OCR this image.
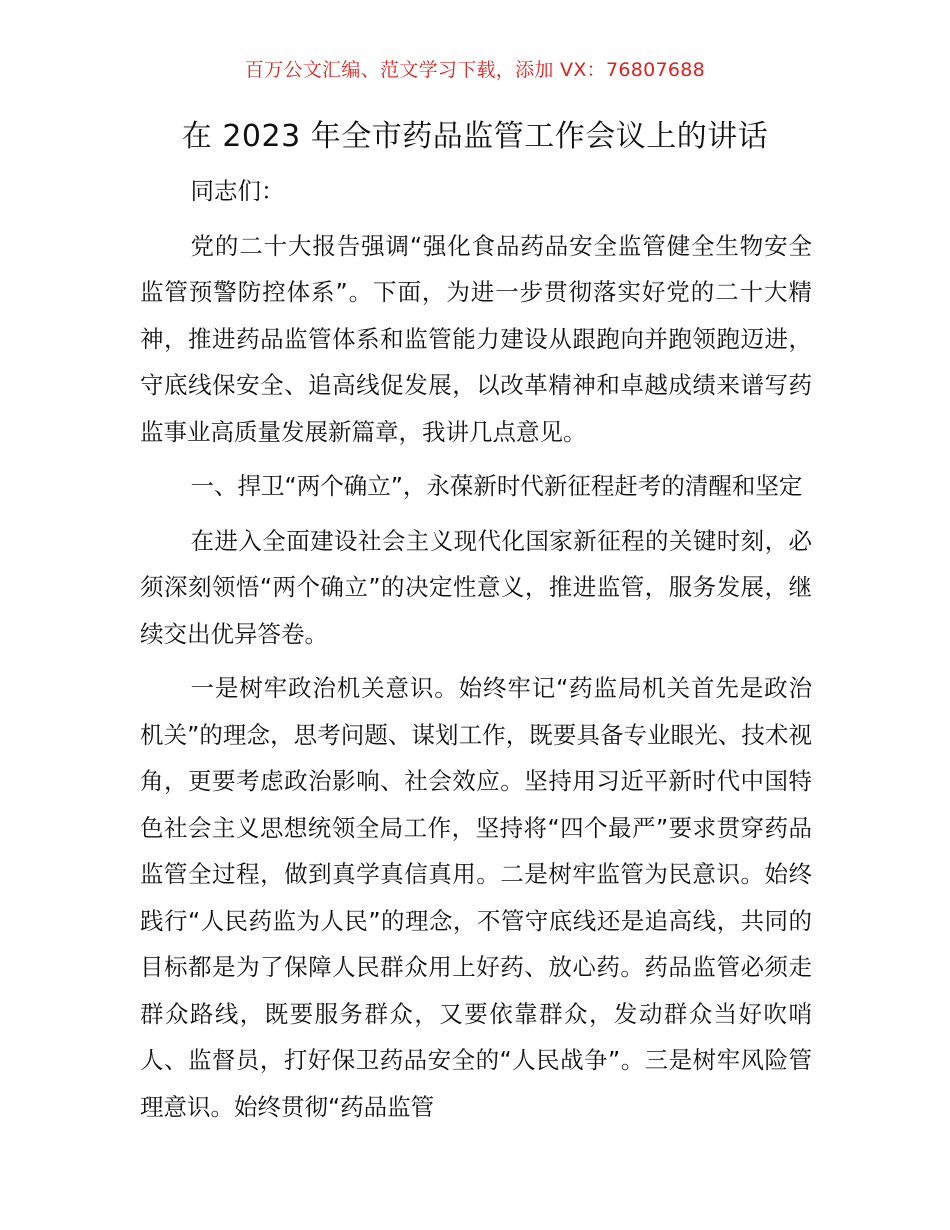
百万公文汇编、范文学习下载，添加 VX：76807688
在 2023 年全市药品监管工作会议上的讲话

同志们：

党的二十大报告强调“强化食品药品安全监管健全生物安全监管预警防控体系”。下面，为进一步贯彻落实好党的二十大精神，推进药品监管体系和监管能力建设从跟跑向并跑领跑迈进，守底线保安全、追高线促发展，以改革精神和卓越成绩来谱写药监事业高质量发展新篇章，我讲几点意见。

一、捍卫“两个确立”，永葆新时代新征程赶考的清醒和坚定

在进入全面建设社会主义现代化国家新征程的关键时刻，必须深刻领悟“两个确立”的决定性意义，推进监管，服务发展，继续交出优异答卷。

一是树牢政治机关意识。始终牢记“药监局机关首先是政治机关”的理念，思考问题、谋划工作，既要具备专业眼光、技术视角，更要考虑政治影响、社会效应。坚持用习近平新时代中国特色社会主义思想统领全局工作，坚持将“四个最严”要求贯穿药品监管全过程，做到真学真信真用。二是树牢监管为民意识。始终践行“人民药监为人民”的理念，不管守底线还是追高线，共同的目标都是为了保障人民群众用上好药、放心药。药品监管必须走群众路线，既要服务群众，又要依靠群众，发动群众当好吹哨人、监督员，打好保卫药品安全的“人民战争”。三是树牢风险管理意识。始终贯彻“药品监管
